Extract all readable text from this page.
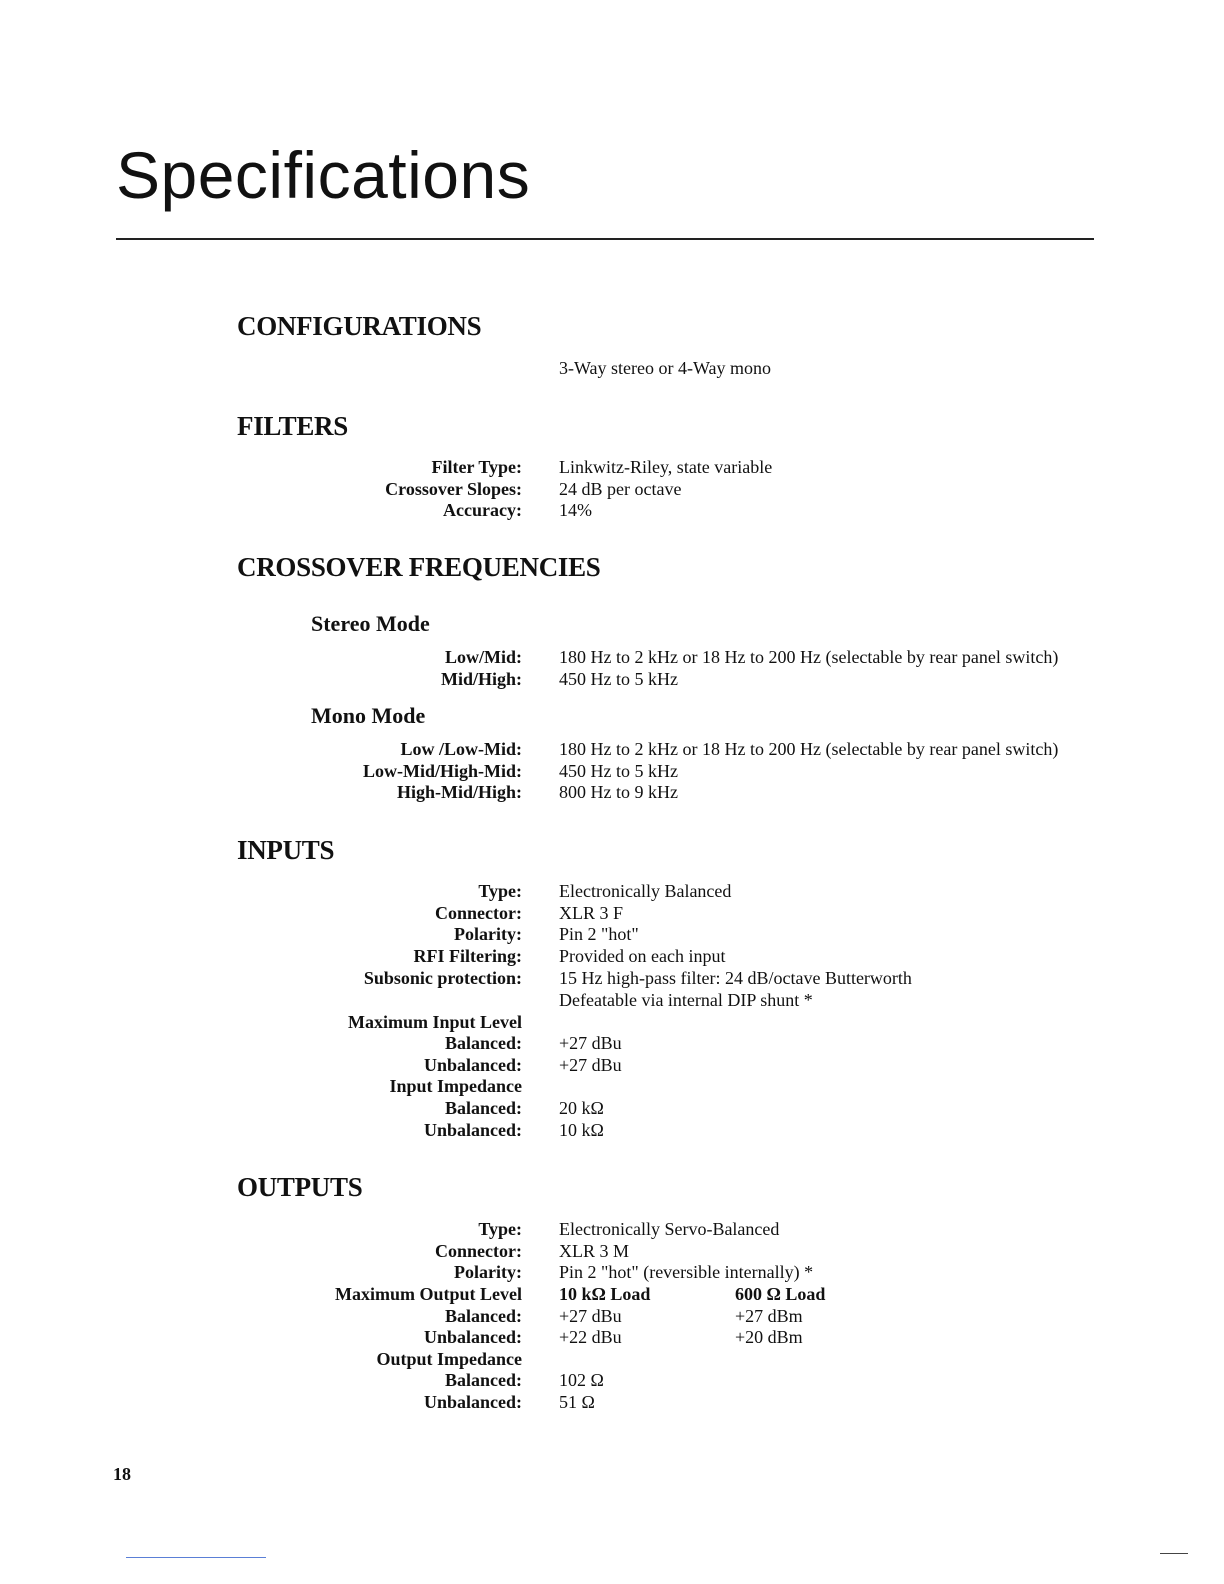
Specifications
CONFIGURATIONS
3-Way stereo or 4-Way mono
FILTERS
Filter Type: Linkwitz-Riley, state variable
Crossover Slopes: 24 dB per octave
Accuracy: 14%
CROSSOVER FREQUENCIES
Stereo Mode
Low/Mid: 180 Hz to 2 kHz or 18 Hz to 200 Hz (selectable by rear panel switch)
Mid/High: 450 Hz to 5 kHz
Mono Mode
Low /Low-Mid: 180 Hz to 2 kHz or 18 Hz to 200 Hz (selectable by rear panel switch)
Low-Mid/High-Mid: 450 Hz to 5 kHz
High-Mid/High: 800 Hz to 9 kHz
INPUTS
Type: Electronically Balanced
Connector: XLR 3 F
Polarity: Pin 2 "hot"
RFI Filtering: Provided on each input
Subsonic protection: 15 Hz high-pass filter: 24 dB/octave Butterworth
Defeatable via internal DIP shunt *
Maximum Input Level
Balanced: +27 dBu
Unbalanced: +27 dBu
Input Impedance
Balanced: 20 kΩ
Unbalanced: 10 kΩ
OUTPUTS
Type: Electronically Servo-Balanced
Connector: XLR 3 M
Polarity: Pin 2 "hot" (reversible internally) *
Maximum Output Level 10 kΩ Load	600 Ω Load
Balanced: +27 dBu	+27 dBm
Unbalanced: +22 dBu	+20 dBm
Output Impedance
Balanced: 102 Ω
Unbalanced: 51 Ω
18
